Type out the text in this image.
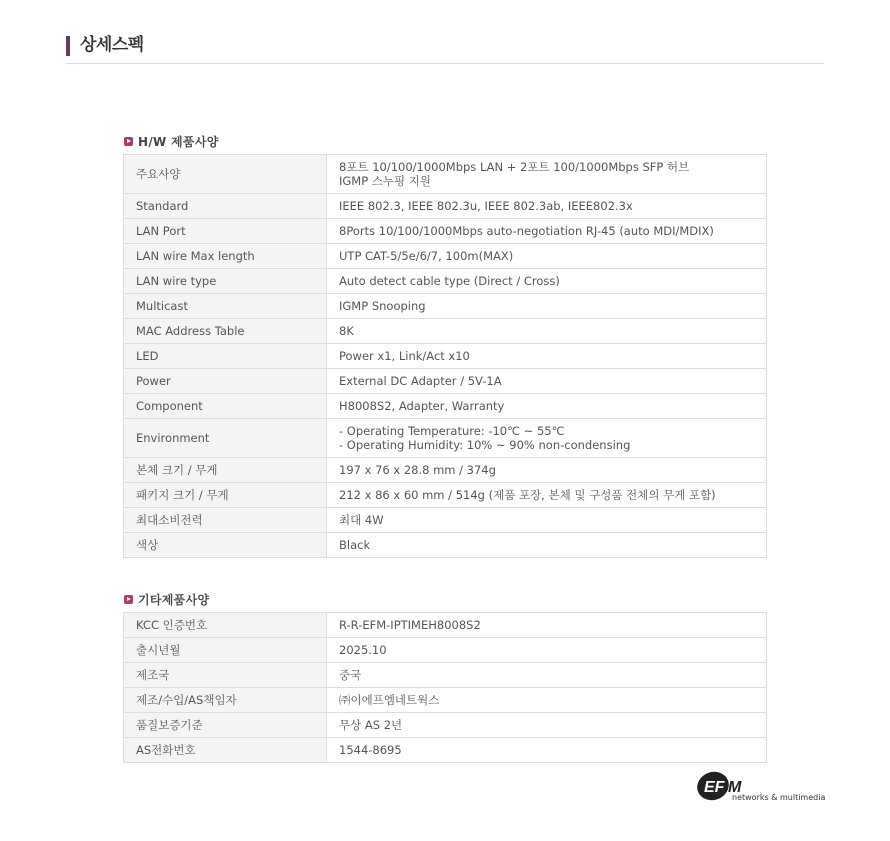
상세스펙
H/W 제품사양
주요사양	8포트 10/100/1000Mbps LAN + 2포트 100/1000Mbps SFP 허브
IGMP 스누핑 지원

Standard	IEEE 802.3, IEEE 802.3u, IEEE 802.3ab, IEEE802.3x

LAN Port	8Ports 10/100/1000Mbps auto-negotiation RJ-45 (auto MDI/MDIX)

LAN wire Max length	UTP CAT-5/5e/6/7, 100m(MAX)

LAN wire type	Auto detect cable type (Direct / Cross)

Multicast	IGMP Snooping

MAC Address Table	8K

LED	Power x1, Link/Act x10

Power	External DC Adapter / 5V-1A

Component	H8008S2, Adapter, Warranty

Environment	- Operating Temperature: -10℃ ~ 55℃
- Operating Humidity: 10% ~ 90% non-condensing

본체 크기 / 무게	197 x 76 x 28.8 mm / 374g

패키지 크기 / 무게	212 x 86 x 60 mm / 514g (제품 포장, 본체 및 구성품 전체의 무게 포함)

최대소비전력	최대 4W

색상	Black
기타제품사양
KCC 인증번호	R-R-EFM-IPTIMEH8008S2

출시년월	2025.10

제조국	중국

제조/수입/AS책임자	㈜이에프엠네트웍스

품질보증기준	무상 AS 2년

AS전화번호	1544-8695
EF M
networks & multimedia
